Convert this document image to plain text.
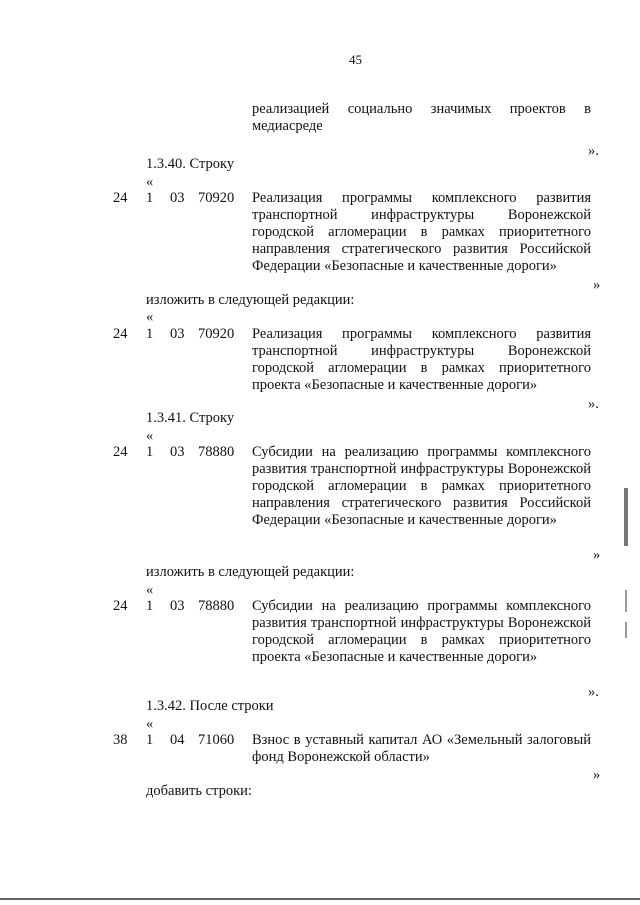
45
реализацией социально значимых проектов в медиасреде
».
1.3.40. Строку
«
24 1 03 70920 Реализация программы комплексного развития транспортной инфраструктуры Воронежской городской агломерации в рамках приоритетного направления стратегического развития Российской Федерации «Безопасные и качественные дороги»
»
изложить в следующей редакции:
«
24 1 03 70920 Реализация программы комплексного развития транспортной инфраструктуры Воронежской городской агломерации в рамках приоритетного проекта «Безопасные и качественные дороги»
».
1.3.41. Строку
«
24 1 03 78880 Субсидии на реализацию программы комплексного развития транспортной инфраструктуры Воронежской городской агломерации в рамках приоритетного направления стратегического развития Российской Федерации «Безопасные и качественные дороги»
»
изложить в следующей редакции:
«
24 1 03 78880 Субсидии на реализацию программы комплексного развития транспортной инфраструктуры Воронежской городской агломерации в рамках приоритетного проекта «Безопасные и качественные дороги»
».
1.3.42. После строки
«
38 1 04 71060 Взнос в уставный капитал АО «Земельный залоговый фонд Воронежской области»
»
добавить строки:
